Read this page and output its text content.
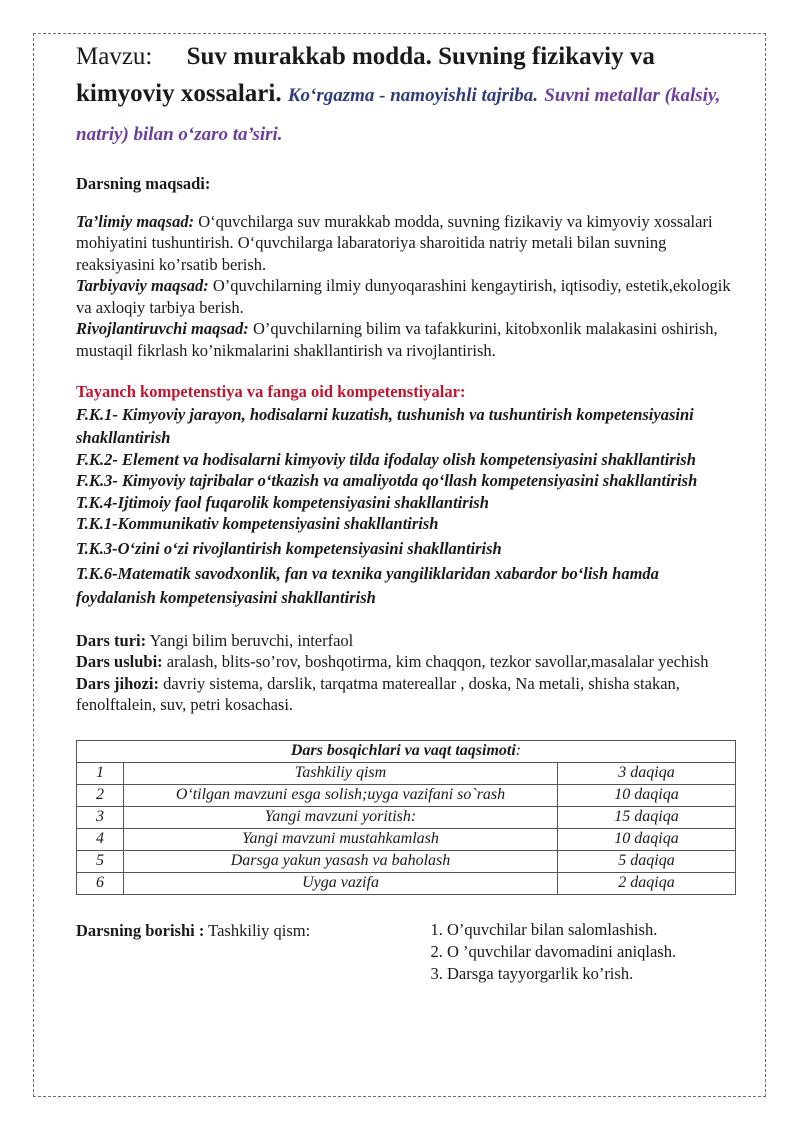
Mavzu: Suv murakkab modda. Suvning fizikaviy va kimyoviy xossalari. Ko‘rgazma - namoyishli tajriba. Suvni metallar (kalsiy, natriy) bilan o‘zaro ta’siri.

Darsning maqsadi:
Ta’limiy maqsad: O‘quvchilarga suv murakkab modda, suvning fizikaviy va kimyoviy xossalari mohiyatini tushuntirish. O‘quvchilarga labaratoriya sharoitida natriy metali bilan suvning reaksiyasini ko’rsatib berish.
Tarbiyaviy maqsad: O’quvchilarning ilmiy dunyoqarashini kengaytirish, iqtisodiy, estetik,ekologik va axloqiy tarbiya berish.
Rivojlantiruvchi maqsad: O’quvchilarning bilim va tafakkurini, kitobxonlik malakasini oshirish, mustaqil fikrlash ko’nikmalarini shakllantirish va rivojlantirish.
Tayanch kompetenstiya va fanga oid kompetenstiyalar:
F.K.1- Kimyoviy jarayon, hodisalarni kuzatish, tushunish va tushuntirish kompetensiyasini shakllantirish
F.K.2- Element va hodisalarni kimyoviy tilda ifodalay olish kompetensiyasini shakllantirish
F.K.3- Kimyoviy tajribalar o‘tkazish va amaliyotda qo‘llash kompetensiyasini shakllantirish
T.K.4-Ijtimoiy faol fuqarolik kompetensiyasini shakllantirish
T.K.1-Kommunikativ kompetensiyasini shakllantirish
T.K.3-O‘zini o‘zi rivojlantirish kompetensiyasini shakllantirish
T.K.6-Matematik savodxonlik, fan va texnika yangiliklaridan xabardor bo‘lish hamda foydalanish kompetensiyasini shakllantirish
Dars turi: Yangi bilim beruvchi, interfaol
Dars uslubi: aralash, blits-so’rov, boshqotirma, kim chaqqon, tezkor savollar,masalalar yechish
Dars jihozi: davriy sistema, darslik, tarqatma matereallar , doska, Na metali, shisha stakan, fenolftalein, suv, petri kosachasi.
Dars bosqichlari va vaqt taqsimoti:		
1	Tashkiliy qism	3 daqiqa
2	O‘tilgan mavzuni esga solish;uyga vazifani so`rash	10 daqiqa
3	Yangi mavzuni yoritish:	15 daqiqa
4	Yangi mavzuni mustahkamlash	10 daqiqa
5	Darsga yakun yasash va baholash	5 daqiqa
6	Uyga vazifa	2 daqiqa
Darsning borishi : Tashkiliy qism:	1. O’quvchilar bilan salomlashish.
2. O ’quvchilar davomadini aniqlash.
3. Darsga tayyorgarlik ko’rish.
